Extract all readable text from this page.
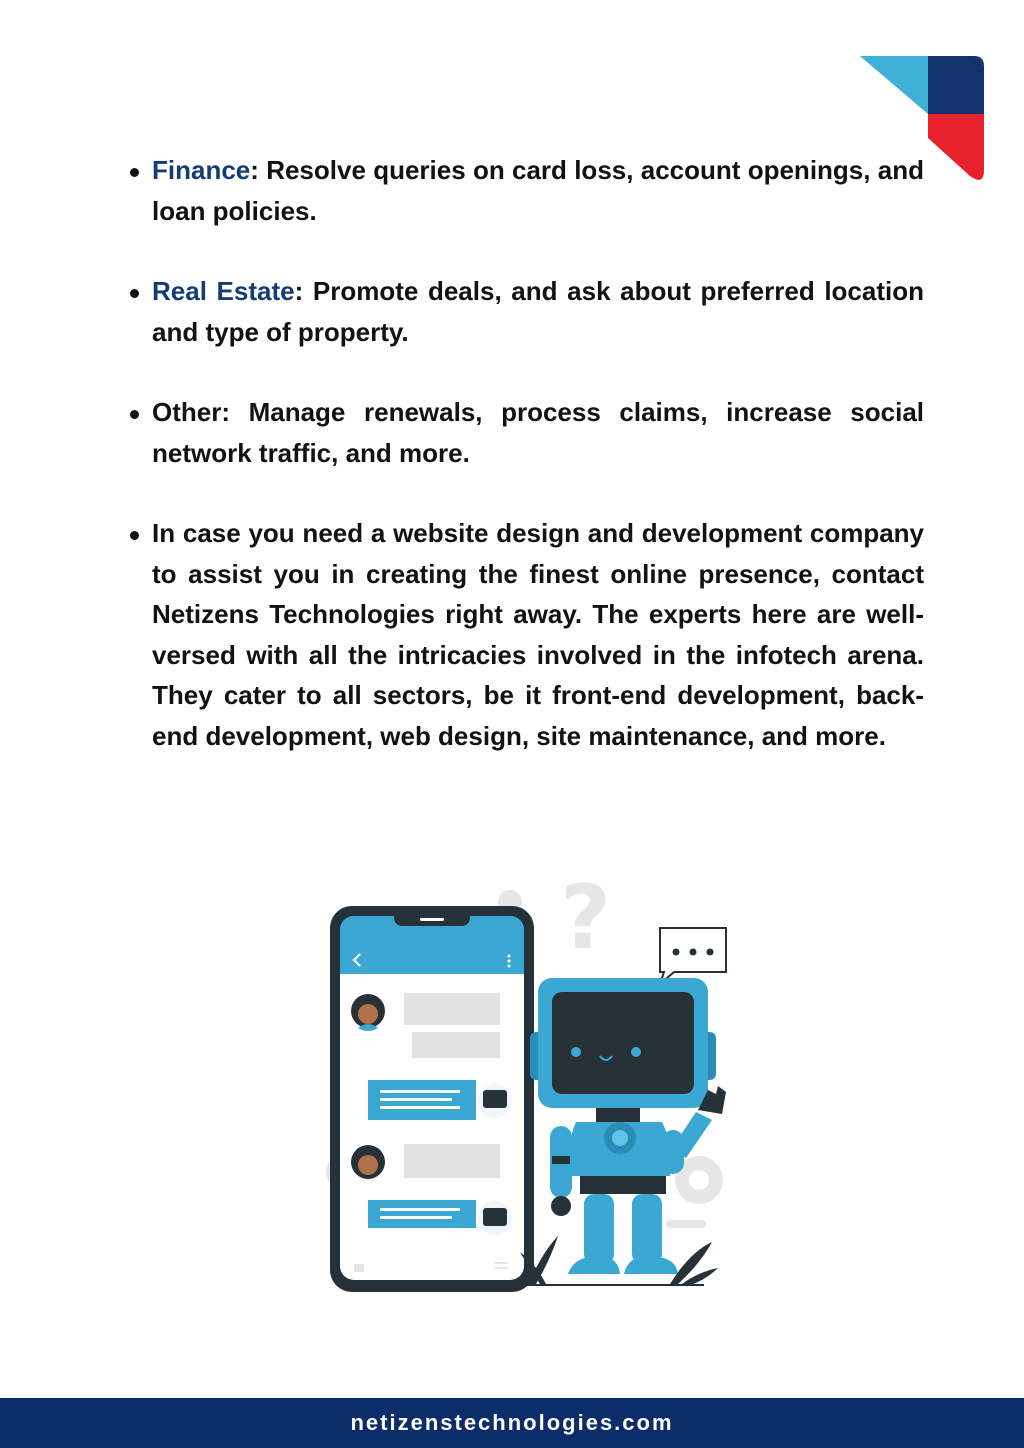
Finance: Resolve queries on card loss, account openings, and loan policies.
Real Estate: Promote deals, and ask about preferred location and type of property.
Other: Manage renewals, process claims, increase social network traffic, and more.
In case you need a website design and development company to assist you in creating the finest online presence, contact Netizens Technologies right away. The experts here are well-versed with all the intricacies involved in the infotech arena. They cater to all sectors, be it front-end development, back-end development, web design, site maintenance, and more.
?
netizenstechnologies.com
